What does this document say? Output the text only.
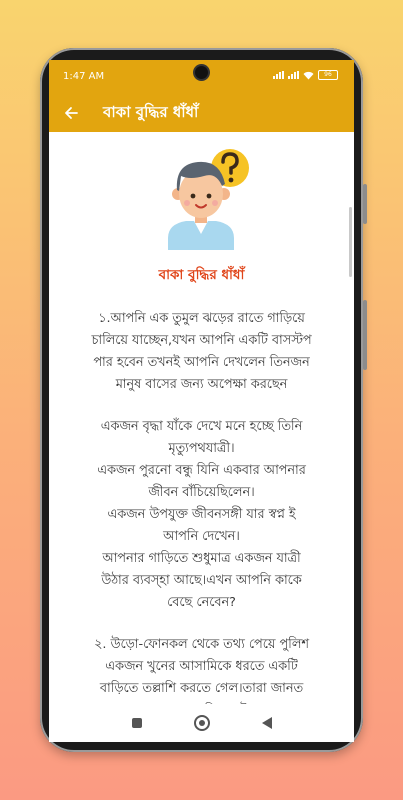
1:47 AM	96
বাকা বুদ্ধির ধাঁধাঁ
বাকা বুদ্ধির ধাঁধাঁ

১.আপনি এক তুমুল ঝড়ের রাতে গাড়িয়ে
চালিয়ে যাচ্ছেন,যখন আপনি একটি বাসস্টপ
পার হবেন তখনই আপনি দেখলেন তিনজন
মানুষ বাসের জন্য অপেক্ষা করছেন

একজন বৃদ্ধা যাঁকে দেখে মনে হচ্ছে তিনি
মৃত্যুপথযাত্রী।
একজন পুরনো বন্ধু যিনি একবার আপনার
জীবন বাঁচিয়েছিলেন।
একজন উপযুক্ত জীবনসঙ্গী যার স্বপ্ন ই
আপনি দেখেন।
আপনার গাড়িতে শুধুমাত্র একজন যাত্রী
উঠার ব্যবস্হা আছে।এখন আপনি কাকে
বেছে নেবেন?

২. উড়ো-ফোনকল থেকে তথ্য পেয়ে পুলিশ
একজন খুনের আসামিকে ধরতে একটি
বাড়িতে তল্লাশি করতে গেল।তারা জানত
